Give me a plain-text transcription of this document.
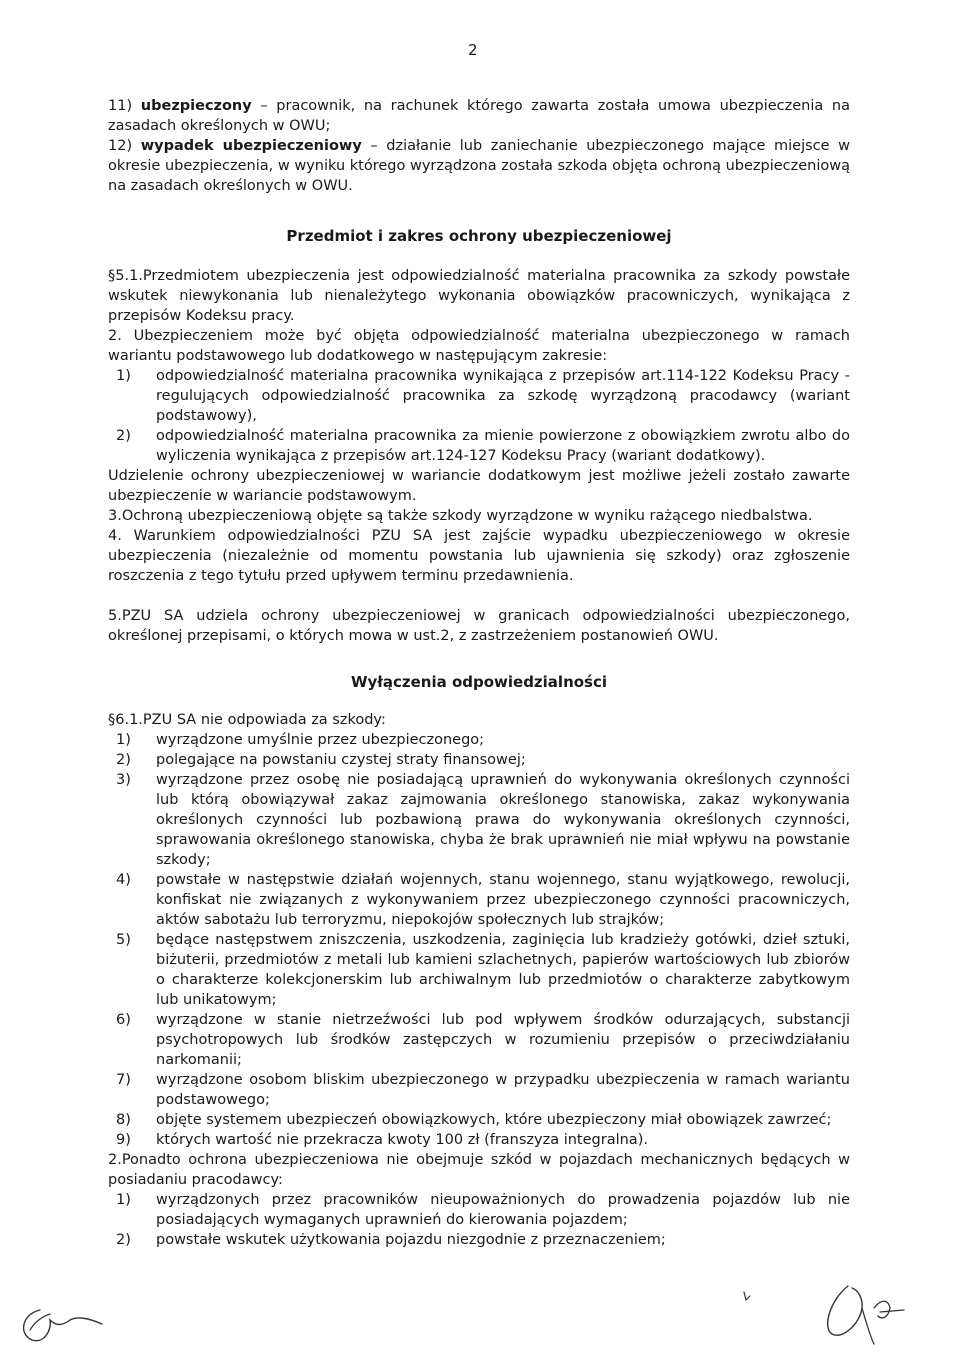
2

11) ubezpieczony – pracownik, na rachunek którego zawarta została umowa ubezpieczenia na zasadach określonych w OWU;

12) wypadek ubezpieczeniowy – działanie lub zaniechanie ubezpieczonego mające miejsce w okresie ubezpieczenia, w wyniku którego wyrządzona została szkoda objęta ochroną ubezpieczeniową na zasadach określonych w OWU.

Przedmiot i zakres ochrony ubezpieczeniowej

§5.1.Przedmiotem ubezpieczenia jest odpowiedzialność materialna pracownika za szkody powstałe wskutek niewykonania lub nienależytego wykonania obowiązków pracowniczych, wynikająca z przepisów Kodeksu pracy.

2. Ubezpieczeniem może być objęta odpowiedzialność materialna ubezpieczonego w ramach wariantu podstawowego lub dodatkowego w następującym zakresie:

1)	odpowiedzialność materialna pracownika wynikająca z przepisów art.114-122 Kodeksu Pracy - regulujących odpowiedzialność pracownika za szkodę wyrządzoną pracodawcy (wariant podstawowy),
2)	odpowiedzialność materialna pracownika za mienie powierzone z obowiązkiem zwrotu albo do wyliczenia wynikająca z przepisów art.124-127 Kodeksu Pracy (wariant dodatkowy).

Udzielenie ochrony ubezpieczeniowej w wariancie dodatkowym jest możliwe jeżeli zostało zawarte ubezpieczenie w wariancie podstawowym.

3.Ochroną ubezpieczeniową objęte są także szkody wyrządzone w wyniku rażącego niedbalstwa.

4. Warunkiem odpowiedzialności PZU SA jest zajście wypadku ubezpieczeniowego w okresie ubezpieczenia (niezależnie od momentu powstania lub ujawnienia się szkody) oraz zgłoszenie roszczenia z tego tytułu przed upływem terminu przedawnienia.

5.PZU SA udziela ochrony ubezpieczeniowej w granicach odpowiedzialności ubezpieczonego, określonej przepisami, o których mowa w ust.2, z zastrzeżeniem postanowień OWU.

Wyłączenia odpowiedzialności

§6.1.PZU SA nie odpowiada za szkody:

1)	wyrządzone umyślnie przez ubezpieczonego;
2)	polegające na powstaniu czystej straty finansowej;
3)	wyrządzone przez osobę nie posiadającą uprawnień do wykonywania określonych czynności lub którą obowiązywał zakaz zajmowania określonego stanowiska, zakaz wykonywania określonych czynności lub pozbawioną prawa do wykonywania określonych czynności, sprawowania określonego stanowiska, chyba że brak uprawnień nie miał wpływu na powstanie szkody;
4)	powstałe w następstwie działań wojennych, stanu wojennego, stanu wyjątkowego, rewolucji, konfiskat nie związanych z wykonywaniem przez ubezpieczonego czynności pracowniczych, aktów sabotażu lub terroryzmu, niepokojów społecznych lub strajków;
5)	będące następstwem zniszczenia, uszkodzenia, zaginięcia lub kradzieży gotówki, dzieł sztuki, biżuterii, przedmiotów z metali lub kamieni szlachetnych, papierów wartościowych lub zbiorów o charakterze kolekcjonerskim lub archiwalnym lub przedmiotów o charakterze zabytkowym lub unikatowym;
6)	wyrządzone w stanie nietrzeźwości lub pod wpływem środków odurzających, substancji psychotropowych lub środków zastępczych w rozumieniu przepisów o przeciwdziałaniu narkomanii;
7)	wyrządzone osobom bliskim ubezpieczonego w przypadku ubezpieczenia w ramach wariantu podstawowego;
8)	objęte systemem ubezpieczeń obowiązkowych, które ubezpieczony miał obowiązek zawrzeć;
9)	których wartość nie przekracza kwoty 100 zł (franszyza integralna).

2.Ponadto ochrona ubezpieczeniowa nie obejmuje szkód w pojazdach mechanicznych będących w posiadaniu pracodawcy:

1)	wyrządzonych przez pracowników nieupoważnionych do prowadzenia pojazdów lub nie posiadających wymaganych uprawnień do kierowania pojazdem;
2)	powstałe wskutek użytkowania pojazdu niezgodnie z przeznaczeniem;
